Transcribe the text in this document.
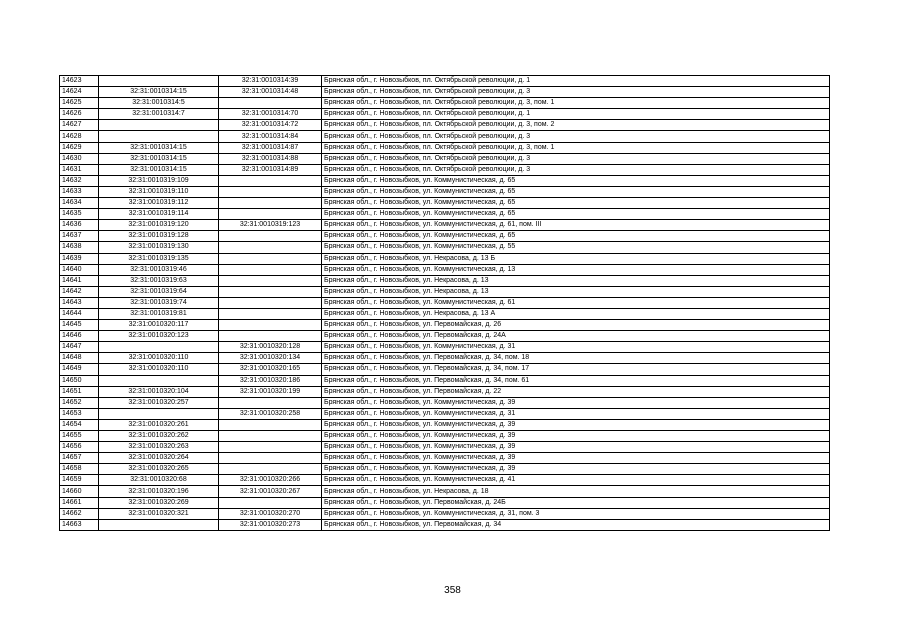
14623		32:31:0010314:39	Брянская обл., г. Новозыбков, пл. Октябрьской революции, д. 1
14624	32:31:0010314:15	32:31:0010314:48	Брянская обл., г. Новозыбков, пл. Октябрьской революции, д. 3
14625	32:31:0010314:5		Брянская обл., г. Новозыбков, пл. Октябрьской революции, д. 3, пом. 1
14626	32:31:0010314:7	32:31:0010314:70	Брянская обл., г. Новозыбков, пл. Октябрьской революции, д. 1
14627		32:31:0010314:72	Брянская обл., г. Новозыбков, пл. Октябрьской революции, д. 3, пом. 2
14628		32:31:0010314:84	Брянская обл., г. Новозыбков, пл. Октябрьской революции, д. 3
14629	32:31:0010314:15	32:31:0010314:87	Брянская обл., г. Новозыбков, пл. Октябрьской революции, д. 3, пом. 1
14630	32:31:0010314:15	32:31:0010314:88	Брянская обл., г. Новозыбков, пл. Октябрьской революции, д. 3
14631	32:31:0010314:15	32:31:0010314:89	Брянская обл., г. Новозыбков, пл. Октябрьской революции, д. 3
14632	32:31:0010319:109		Брянская обл., г. Новозыбков, ул. Коммунистическая, д. 65
14633	32:31:0010319:110		Брянская обл., г. Новозыбков, ул. Коммунистическая, д. 65
14634	32:31:0010319:112		Брянская обл., г. Новозыбков, ул. Коммунистическая, д. 65
14635	32:31:0010319:114		Брянская обл., г. Новозыбков, ул. Коммунистическая, д. 65
14636	32:31:0010319:120	32:31:0010319:123	Брянская обл., г. Новозыбков, ул. Коммунистическая, д. 61, пом. III
14637	32:31:0010319:128		Брянская обл., г. Новозыбков, ул. Коммунистическая, д. 65
14638	32:31:0010319:130		Брянская обл., г. Новозыбков, ул. Коммунистическая, д. 55
14639	32:31:0010319:135		Брянская обл., г. Новозыбков, ул. Некрасова, д. 13 Б
14640	32:31:0010319:46		Брянская обл., г. Новозыбков, ул. Коммунистическая, д. 13
14641	32:31:0010319:63		Брянская обл., г. Новозыбков, ул. Некрасова, д. 13
14642	32:31:0010319:64		Брянская обл., г. Новозыбков, ул. Некрасова, д. 13
14643	32:31:0010319:74		Брянская обл., г. Новозыбков, ул. Коммунистическая, д. 61
14644	32:31:0010319:81		Брянская обл., г. Новозыбков, ул. Некрасова, д. 13 А
14645	32:31:0010320:117		Брянская обл., г. Новозыбков, ул. Первомайская, д. 26
14646	32:31:0010320:123		Брянская обл., г. Новозыбков, ул. Первомайская, д. 24А
14647		32:31:0010320:128	Брянская обл., г. Новозыбков, ул. Коммунистическая, д. 31
14648	32:31:0010320:110	32:31:0010320:134	Брянская обл., г. Новозыбков, ул. Первомайская, д. 34, пом. 18
14649	32:31:0010320:110	32:31:0010320:165	Брянская обл., г. Новозыбков, ул. Первомайская, д. 34, пом. 17
14650		32:31:0010320:186	Брянская обл., г. Новозыбков, ул. Первомайская, д. 34, пом. 61
14651	32:31:0010320:104	32:31:0010320:199	Брянская обл., г. Новозыбков, ул. Первомайская, д. 22
14652	32:31:0010320:257		Брянская обл., г. Новозыбков, ул. Коммунистическая, д. 39
14653		32:31:0010320:258	Брянская обл., г. Новозыбков, ул. Коммунистическая, д. 31
14654	32:31:0010320:261		Брянская обл., г. Новозыбков, ул. Коммунистическая, д. 39
14655	32:31:0010320:262		Брянская обл., г. Новозыбков, ул. Коммунистическая, д. 39
14656	32:31:0010320:263		Брянская обл., г. Новозыбков, ул. Коммунистическая, д. 39
14657	32:31:0010320:264		Брянская обл., г. Новозыбков, ул. Коммунистическая, д. 39
14658	32:31:0010320:265		Брянская обл., г. Новозыбков, ул. Коммунистическая, д. 39
14659	32:31:0010320:68	32:31:0010320:266	Брянская обл., г. Новозыбков, ул. Коммунистическая, д. 41
14660	32:31:0010320:196	32:31:0010320:267	Брянская обл., г. Новозыбков, ул. Некрасова, д. 18
14661	32:31:0010320:269		Брянская обл., г. Новозыбков, ул. Первомайская, д. 24Б
14662	32:31:0010320:321	32:31:0010320:270	Брянская обл., г. Новозыбков, ул. Коммунистическая, д. 31, пом. 3
14663		32:31:0010320:273	Брянская обл., г. Новозыбков, ул. Первомайская, д. 34
358
